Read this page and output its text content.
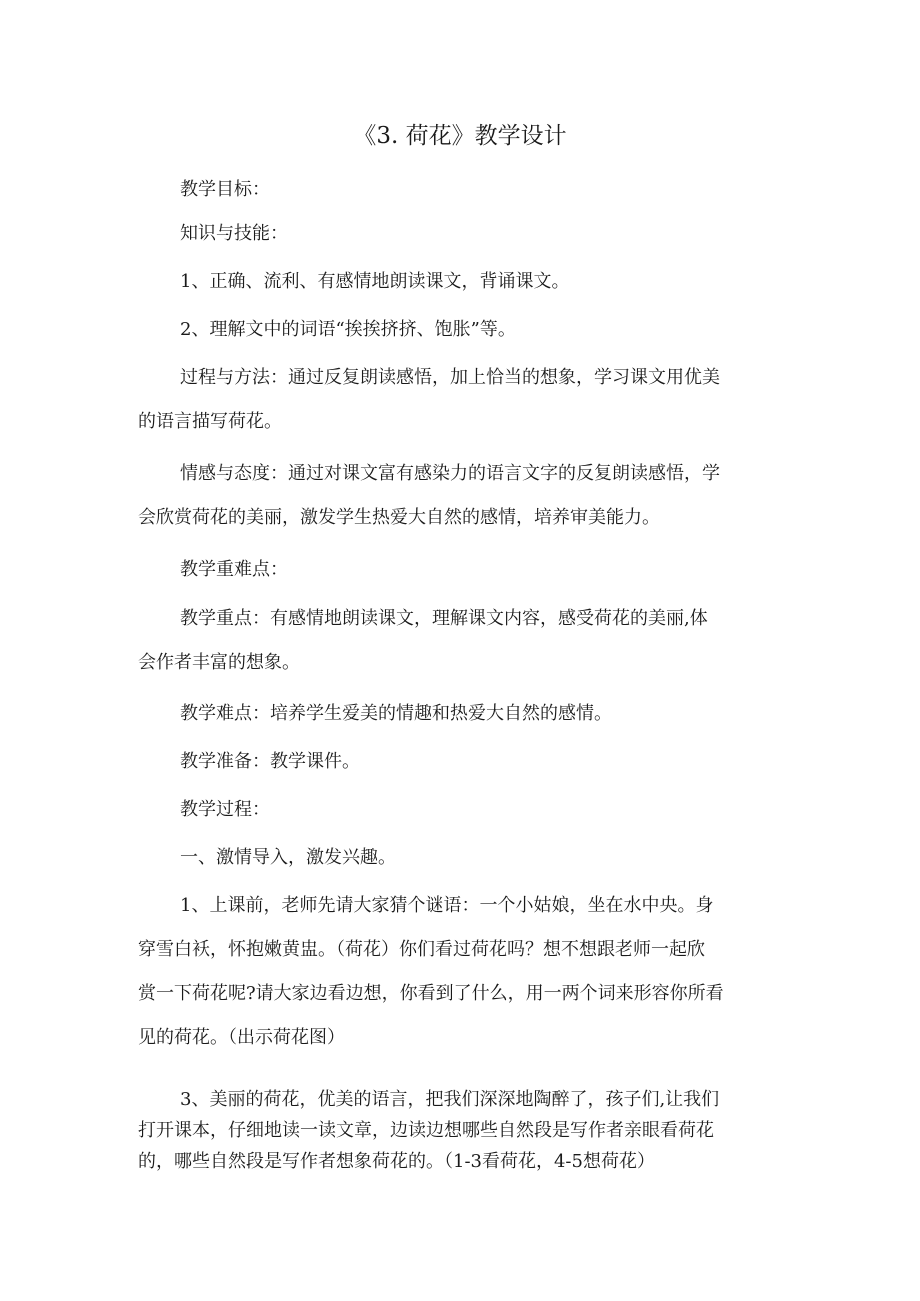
《3. 荷花》教学设计
教学目标：
知识与技能：
1、正确、流利、有感情地朗读课文，背诵课文。
2、理解文中的词语“挨挨挤挤、饱胀”等。
过程与方法：通过反复朗读感悟，加上恰当的想象，学习课文用优美
的语言描写荷花。
情感与态度：通过对课文富有感染力的语言文字的反复朗读感悟，学
会欣赏荷花的美丽，激发学生热爱大自然的感情，培养审美能力。
教学重难点：
教学重点：有感情地朗读课文，理解课文内容，感受荷花的美丽,体
会作者丰富的想象。
教学难点：培养学生爱美的情趣和热爱大自然的感情。
教学准备：教学课件。
教学过程：
一、激情导入，激发兴趣。
1、上课前，老师先请大家猜个谜语：一个小姑娘，坐在水中央。身
穿雪白袄，怀抱嫩黄盅。（荷花）你们看过荷花吗？想不想跟老师一起欣
赏一下荷花呢?请大家边看边想，你看到了什么，用一两个词来形容你所看
见的荷花。（出示荷花图）
3、美丽的荷花，优美的语言，把我们深深地陶醉了，孩子们,让我们
打开课本，仔细地读一读文章，边读边想哪些自然段是写作者亲眼看荷花
的，哪些自然段是写作者想象荷花的。（1-3看荷花，4-5想荷花）
